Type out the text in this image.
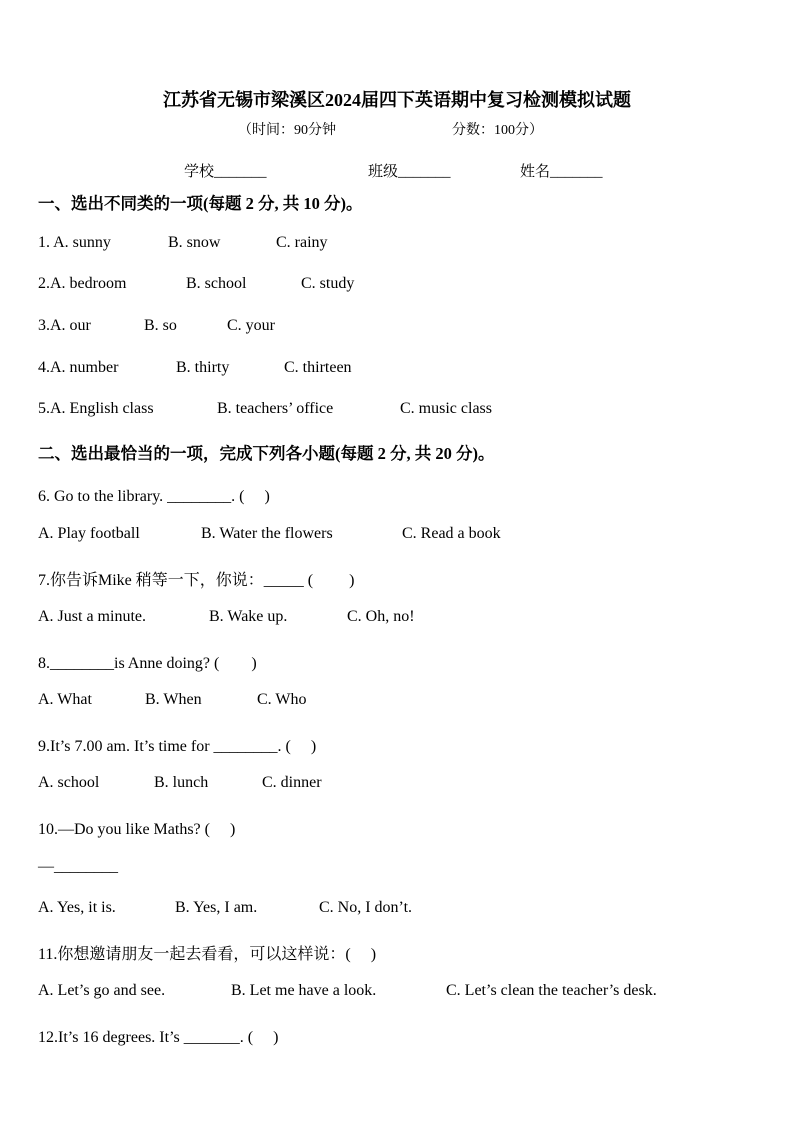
江苏省无锡市梁溪区2024届四下英语期中复习检测模拟试题
（时间：90分钟	分数：100分）
学校_______	班级_______	姓名_______
一、选出不同类的一项(每题 2 分, 共 10 分)。
1. A. sunny	B. snow	C. rainy
2.A. bedroom	B. school	C. study
3.A. our	B. so	C. your
4.A. number	B. thirty	C. thirteen
5.A. English class	B. teachers’ office	C. music class
二、选出最恰当的一项，完成下列各小题(每题 2 分, 共 20 分)。
6. Go to the library. ________. (　 )
A. Play football	B. Water the flowers	C. Read a book
7.你告诉Mike 稍等一下，你说：_____ (　　 )
A. Just a minute.	B. Wake up.	C. Oh, no!
8.________is Anne doing? (　　)
A. What	B. When	C. Who
9.It’s 7.00 am. It’s time for ________. (　 )
A. school	B. lunch	C. dinner
10.—Do you like Maths? (　 )
—________
A. Yes, it is.	B. Yes, I am.	C. No, I don’t.
11.你想邀请朋友一起去看看，可以这样说：(　 )
A. Let’s go and see.	B. Let me have a look.	C. Let’s clean the teacher’s desk.
12.It’s 16 degrees. It’s _______. (　 )
